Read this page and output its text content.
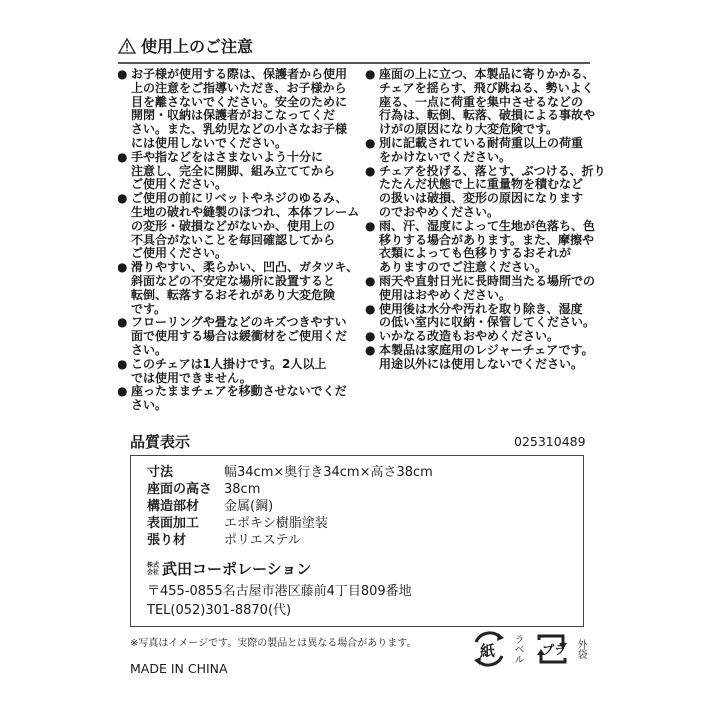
使用上のご注意
● お子様が使用する際は、保護者から使用
上の注意をご指導いただき、お子様から
目を離さないでください。安全のために
開閉・収納は保護者がおこなってくだ
さい。また、乳幼児などの小さなお子様
には使用しないでください。
● 手や指などをはさまないよう十分に
注意し、完全に開脚、組み立ててから
ご使用ください。
● ご使用の前にリベットやネジのゆるみ、
生地の破れや縫製のほつれ、本体フレーム
の変形・破損などがないか、使用上の
不具合がないことを毎回確認してから
ご使用ください。
● 滑りやすい、柔らかい、凹凸、ガタツキ、
斜面などの不安定な場所に設置すると
転倒、転落するおそれがあり大変危険
です。
● フローリングや畳などのキズつきやすい
面で使用する場合は緩衝材をご使用くだ
さい。
● このチェアは1人掛けです。2人以上
では使用できません。
● 座ったままチェアを移動させないでくだ
さい。
● 座面の上に立つ、本製品に寄りかかる、
チェアを揺らす、飛び跳ねる、勢いよく
座る、一点に荷重を集中させるなどの
行為は、転倒、転落、破損による事故や
けがの原因になり大変危険です。
● 別に記載されている耐荷重以上の荷重
をかけないでください。
● チェアを投げる、落とす、ぶつける、折り
たたんだ状態で上に重量物を積むなど
の扱いは破損、変形の原因になります
のでおやめください。
● 雨、汗、湿度によって生地が色落ち、色
移りする場合があります。また、摩擦や
衣類によっても色移りするおそれが
ありますのでご注意ください。
● 雨天や直射日光に長時間当たる場所での
使用はおやめください。
● 使用後は水分や汚れを取り除き、湿度
の低い室内に収納・保管してください。
● いかなる改造もおやめください。
● 本製品は家庭用のレジャーチェアです。
用途以外には使用しないでください。
品質表示	025310489
寸法	幅34cm×奥行き34cm×高さ38cm
座面の高さ 38cm
構造部材	金属(鋼)
表面加工	エポキシ樹脂塗装
張り材	ポリエステル
株式会社 武田コーポレーション
〒455-0855名古屋市港区藤前4丁目809番地
TEL(052)301-8870(代)
※写真はイメージです。実際の製品とは異なる場合があります。
MADE IN CHINA
紙 ラベル プラ 外袋
